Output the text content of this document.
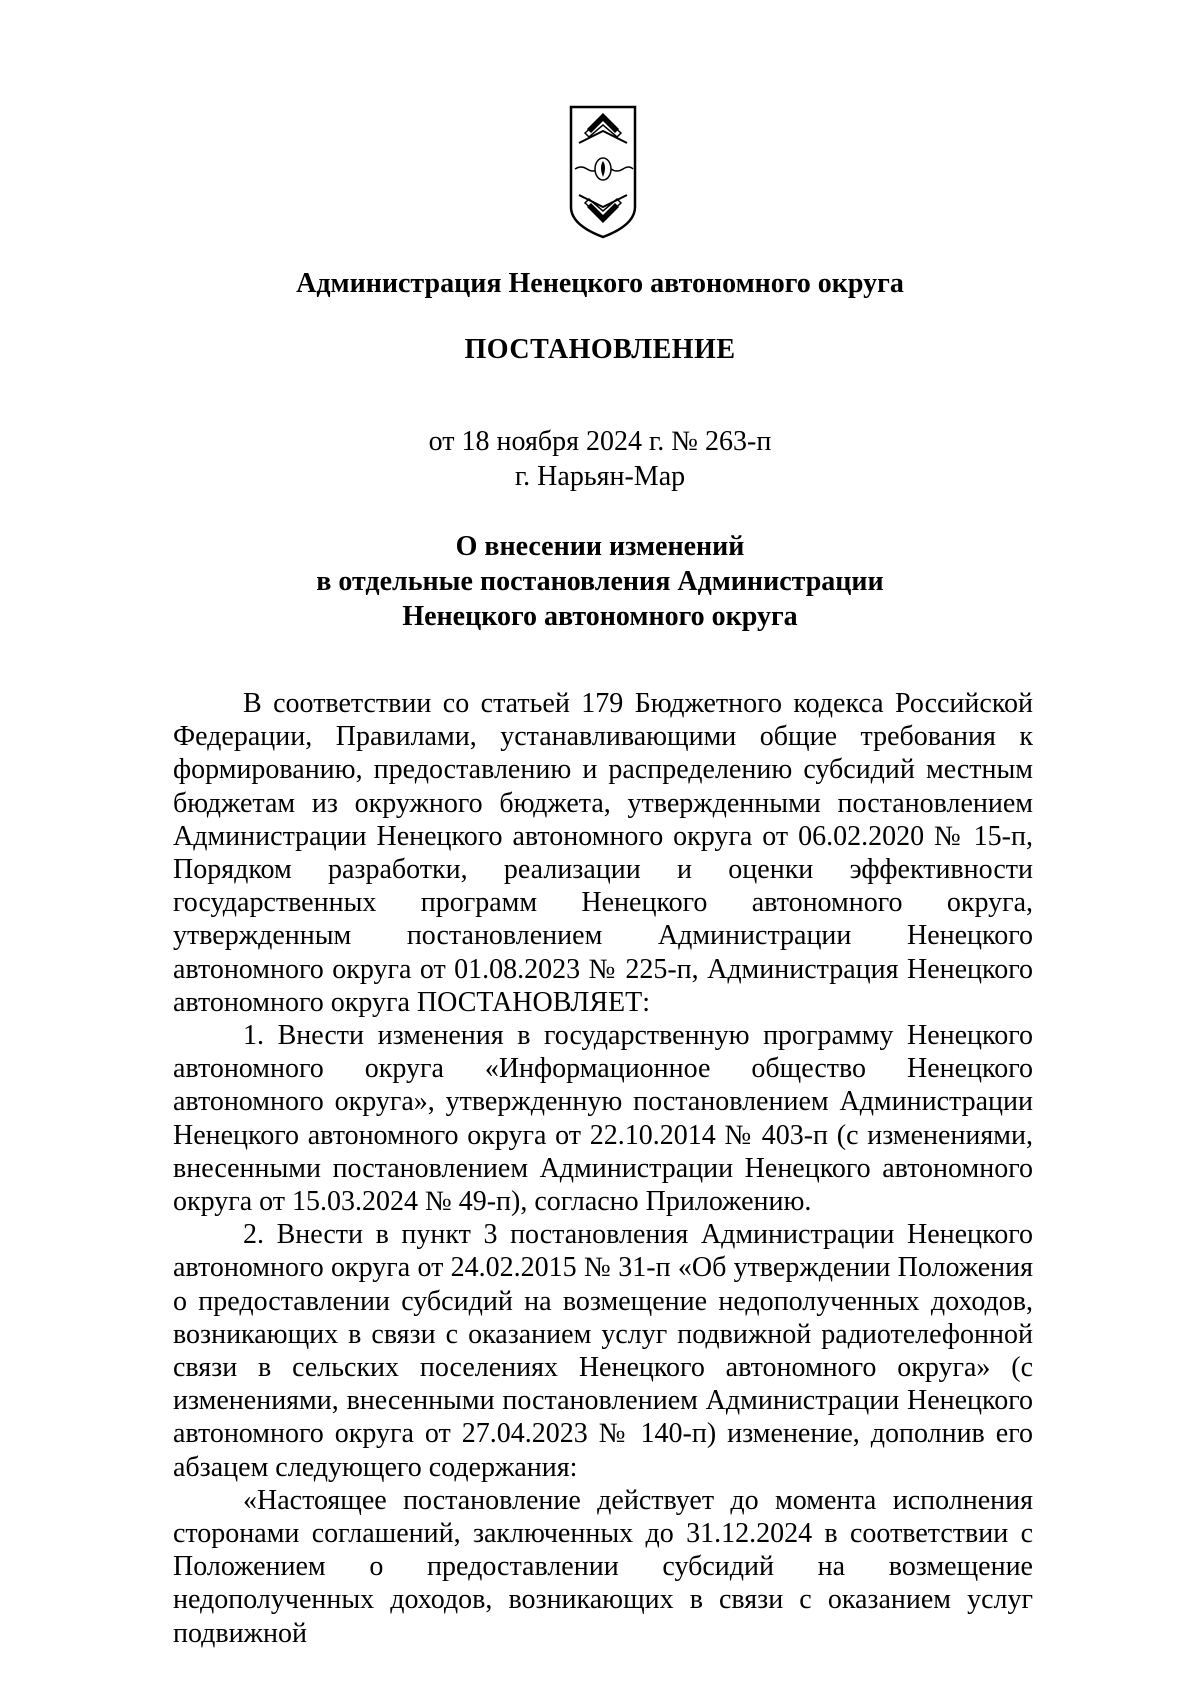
Администрация Ненецкого автономного округа
ПОСТАНОВЛЕНИЕ
от 18 ноября 2024 г. № 263-п
г. Нарьян-Мар
О внесении изменений
в отдельные постановления Администрации
Ненецкого автономного округа

В соответствии со статьей 179 Бюджетного кодекса Российской Федерации, Правилами, устанавливающими общие требования к формированию, предоставлению и распределению субсидий местным бюджетам из окружного бюджета, утвержденными постановлением Администрации Ненецкого автономного округа от 06.02.2020 № 15-п, Порядком разработки, реализации и оценки эффективности государственных программ Ненецкого автономного округа, утвержденным постановлением Администрации Ненецкого автономного округа от 01.08.2023 № 225-п, Администрация Ненецкого автономного округа ПОСТАНОВЛЯЕТ:

1. Внести изменения в государственную программу Ненецкого автономного округа «Информационное общество Ненецкого автономного округа», утвержденную постановлением Администрации Ненецкого автономного округа от 22.10.2014 № 403-п (с изменениями, внесенными постановлением Администрации Ненецкого автономного округа от 15.03.2024 № 49-п), согласно Приложению.

2. Внести в пункт 3 постановления Администрации Ненецкого автономного округа от 24.02.2015 № 31-п «Об утверждении Положения о предоставлении субсидий на возмещение недополученных доходов, возникающих в связи с оказанием услуг подвижной радиотелефонной связи в сельских поселениях Ненецкого автономного округа» (с изменениями, внесенными постановлением Администрации Ненецкого автономного округа от 27.04.2023 № 140-п) изменение, дополнив его абзацем следующего содержания:

«Настоящее постановление действует до момента исполнения сторонами соглашений, заключенных до 31.12.2024 в соответствии с Положением о предоставлении субсидий на возмещение недополученных доходов, возникающих в связи с оказанием услуг подвижной
